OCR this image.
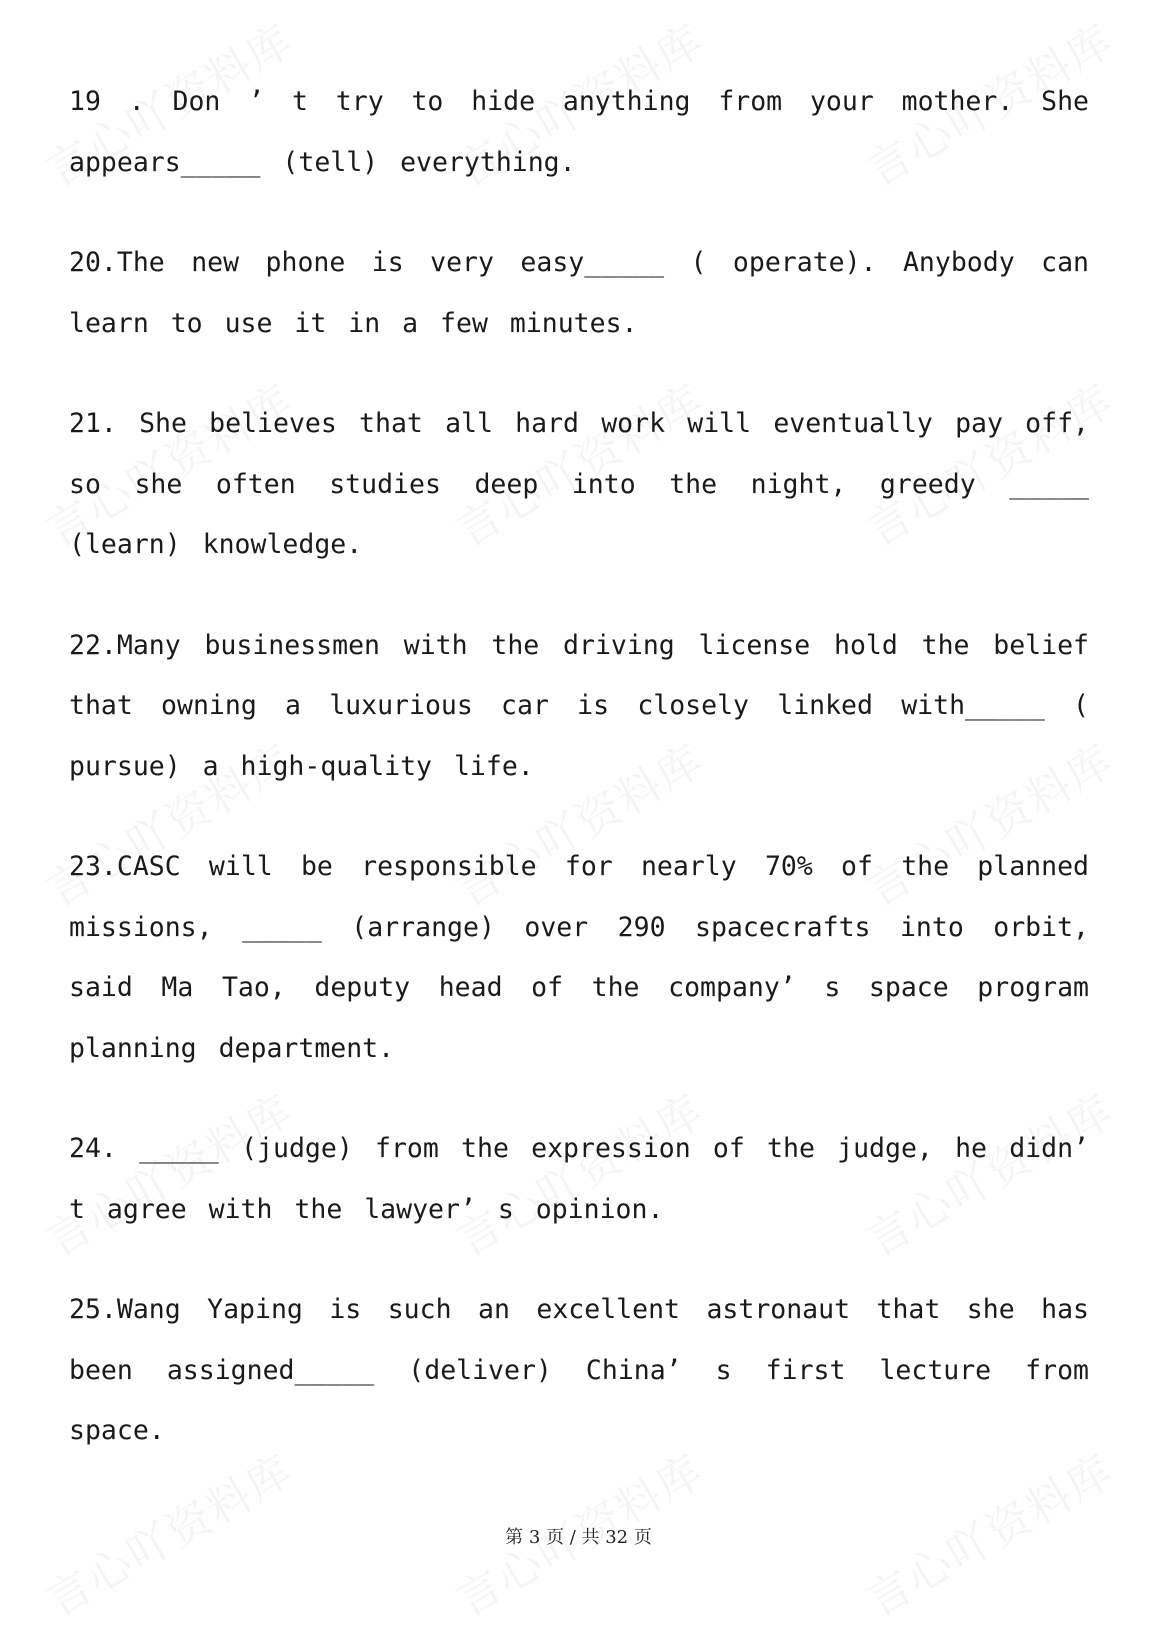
19 . Don ’ t try to hide anything from your mother. She appears_____ (tell) everything.

20.The new phone is very easy_____ ( operate). Anybody can learn to use it in a few minutes.

21. She believes that all hard work will eventually pay off, so she often studies deep into the night, greedy _____ (learn) knowledge.

22.Many businessmen with the driving license hold the belief that owning a luxurious car is closely linked with_____ ( pursue) a high-quality life.

23.CASC will be responsible for nearly 70% of the planned missions, _____ (arrange) over 290 spacecrafts into orbit, said Ma Tao, deputy head of the company’ s space program planning department.

24. _____ (judge) from the expression of the judge, he didn’ t agree with the lawyer’ s opinion.

25.Wang Yaping is such an excellent astronaut that she has been assigned_____ (deliver) China’ s first lecture from space.

第 3 页 / 共 32 页
